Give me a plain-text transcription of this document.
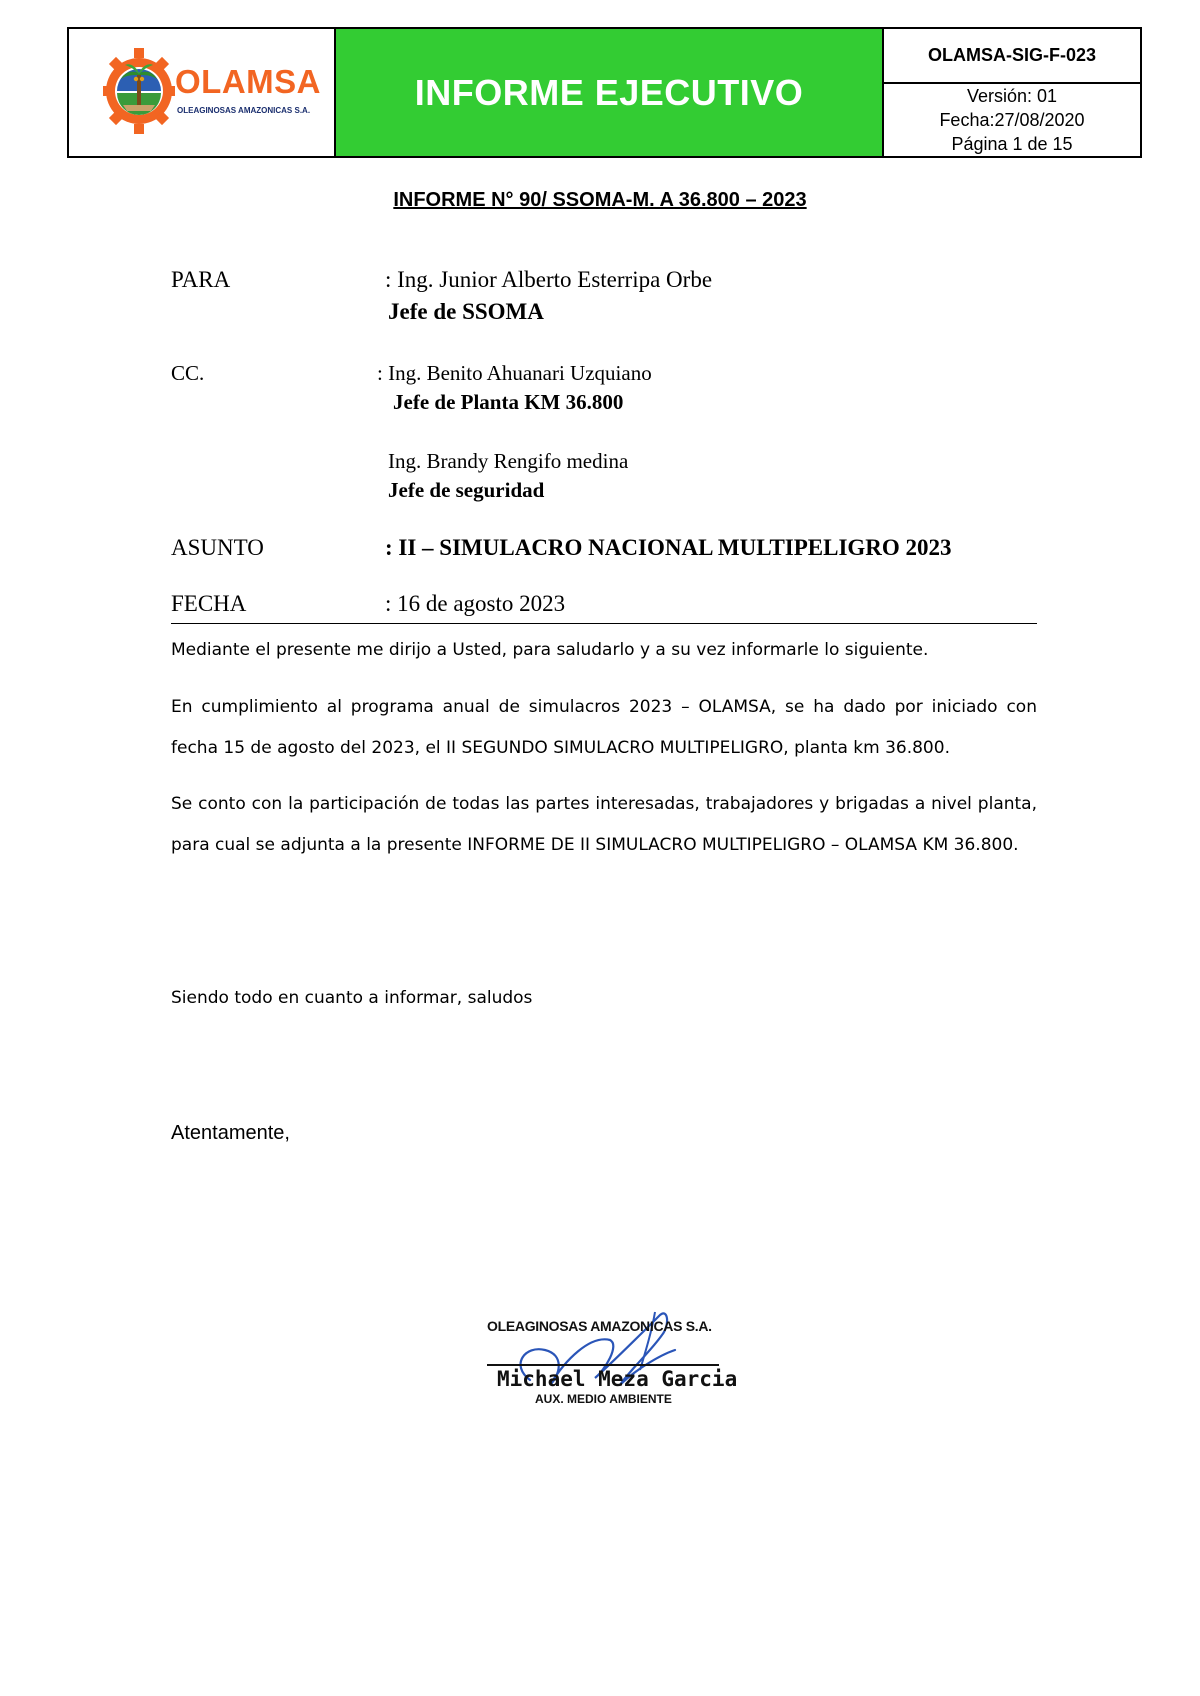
OLAMSA
OLEAGINOSAS AMAZONICAS S.A.	INFORME EJECUTIVO
OLAMSA-SIG-F-023
Versión: 01
Fecha:27/08/2020
Página 1 de 15
INFORME N° 90/ SSOMA-M. A 36.800 – 2023
PARA	: Ing. Junior Alberto Esterripa Orbe
Jefe de SSOMA
CC.	: Ing. Benito Ahuanari Uzquiano
Jefe de Planta KM 36.800
Ing. Brandy Rengifo medina
Jefe de seguridad
ASUNTO	: II – SIMULACRO NACIONAL MULTIPELIGRO 2023
FECHA	: 16 de agosto 2023
Mediante el presente me dirijo a Usted, para saludarlo y a su vez informarle lo siguiente.
En cumplimiento al programa anual de simulacros 2023 – OLAMSA, se ha dado por iniciado con fecha 15 de agosto del 2023, el II SEGUNDO SIMULACRO MULTIPELIGRO, planta km 36.800.
Se conto con la participación de todas las partes interesadas, trabajadores y brigadas a nivel planta, para cual se adjunta a la presente INFORME DE II SIMULACRO MULTIPELIGRO – OLAMSA KM 36.800.
Siendo todo en cuanto a informar, saludos
Atentamente,
OLEAGINOSAS AMAZONICAS S.A.
Michael Meza Garcia
AUX. MEDIO AMBIENTE
